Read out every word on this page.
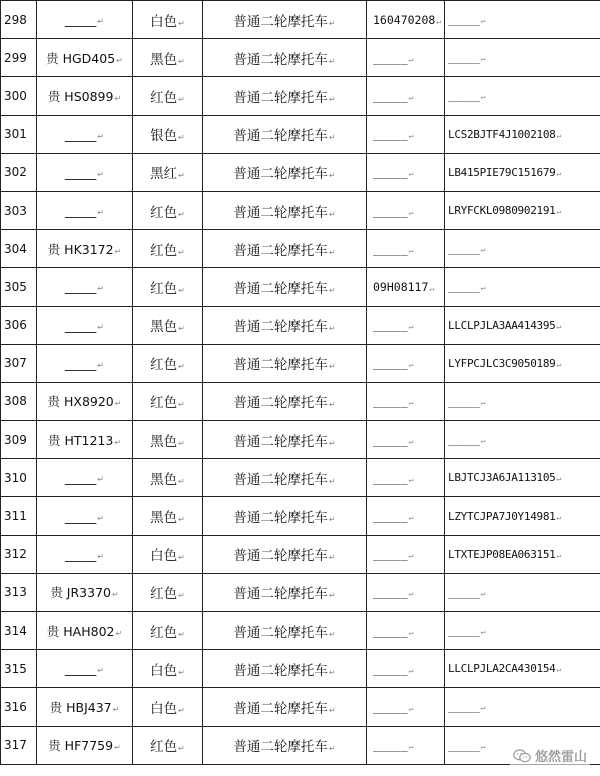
298	_____↵	白色↵	普通二轮摩托车↵	160470208↵	_____↵
299	贵 HGD405↵	黑色↵	普通二轮摩托车↵	_____↵	_____↵
300	贵 HS0899↵	红色↵	普通二轮摩托车↵	_____↵	_____↵
301	_____↵	银色↵	普通二轮摩托车↵	_____↵	LCS2BJTF4J1002108↵
302	_____↵	黑红↵	普通二轮摩托车↵	_____↵	LB415PIE79C151679↵
303	_____↵	红色↵	普通二轮摩托车↵	_____↵	LRYFCKL0980902191↵
304	贵 HK3172↵	红色↵	普通二轮摩托车↵	_____↵	_____↵
305	_____↵	红色↵	普通二轮摩托车↵	09H08117↵	_____↵
306	_____↵	黑色↵	普通二轮摩托车↵	_____↵	LLCLPJLA3AA414395↵
307	_____↵	红色↵	普通二轮摩托车↵	_____↵	LYFPCJLC3C9050189↵
308	贵 HX8920↵	红色↵	普通二轮摩托车↵	_____↵	_____↵
309	贵 HT1213↵	黑色↵	普通二轮摩托车↵	_____↵	_____↵
310	_____↵	黑色↵	普通二轮摩托车↵	_____↵	LBJTCJ3A6JA113105↵
311	_____↵	黑色↵	普通二轮摩托车↵	_____↵	LZYTCJPA7J0Y14981↵
312	_____↵	白色↵	普通二轮摩托车↵	_____↵	LTXTEJP08EA063151↵
313	贵 JR3370↵	红色↵	普通二轮摩托车↵	_____↵	_____↵
314	贵 HAH802↵	红色↵	普通二轮摩托车↵	_____↵	_____↵
315	_____↵	白色↵	普通二轮摩托车↵	_____↵	LLCLPJLA2CA430154↵
316	贵 HBJ437↵	白色↵	普通二轮摩托车↵	_____↵	_____↵
317	贵 HF7759↵	红色↵	普通二轮摩托车↵	_____↵	_____↵
悠然雷山
